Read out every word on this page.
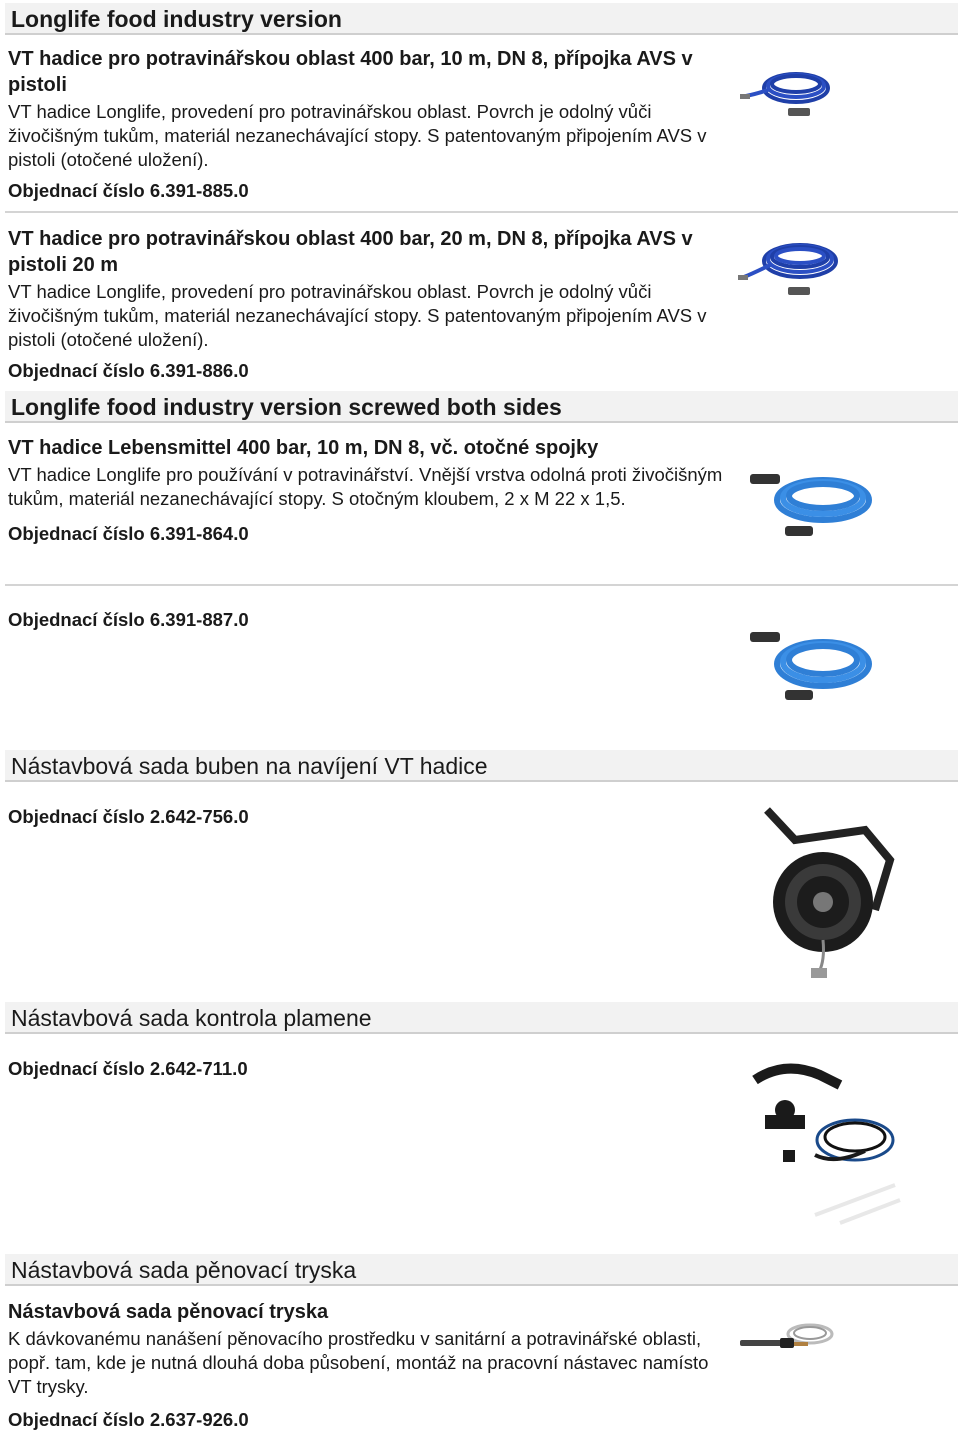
Longlife food industry version
VT hadice pro potravinářskou oblast 400 bar, 10 m, DN 8, přípojka AVS v pistoli
VT hadice Longlife, provedení pro potravinářskou oblast. Povrch je odolný vůči živočišným tukům, materiál nezanechávající stopy. S patentovaným připojením AVS v pistoli (otočené uložení).
Objednací číslo 6.391-885.0
VT hadice pro potravinářskou oblast 400 bar, 20 m, DN 8, přípojka AVS v pistoli 20 m
VT hadice Longlife, provedení pro potravinářskou oblast. Povrch je odolný vůči živočišným tukům, materiál nezanechávající stopy. S patentovaným připojením AVS v pistoli (otočené uložení).
Objednací číslo 6.391-886.0
Longlife food industry version screwed both sides
VT hadice Lebensmittel 400 bar, 10 m, DN 8, vč. otočné spojky
VT hadice Longlife pro používání v potravinářství. Vnější vrstva odolná proti živočišným tukům, materiál nezanechávající stopy. S otočným kloubem, 2 x M 22 x 1,5.
Objednací číslo 6.391-864.0
Objednací číslo 6.391-887.0
Nástavbová sada buben na navíjení VT hadice
Objednací číslo 2.642-756.0
Nástavbová sada kontrola plamene
Objednací číslo 2.642-711.0
Nástavbová sada pěnovací tryska
Nástavbová sada pěnovací tryska
K dávkovanému nanášení pěnovacího prostředku v sanitární a potravinářské oblasti, popř. tam, kde je nutná dlouhá doba působení, montáž na pracovní nástavec namísto VT trysky.
Objednací číslo 2.637-926.0
